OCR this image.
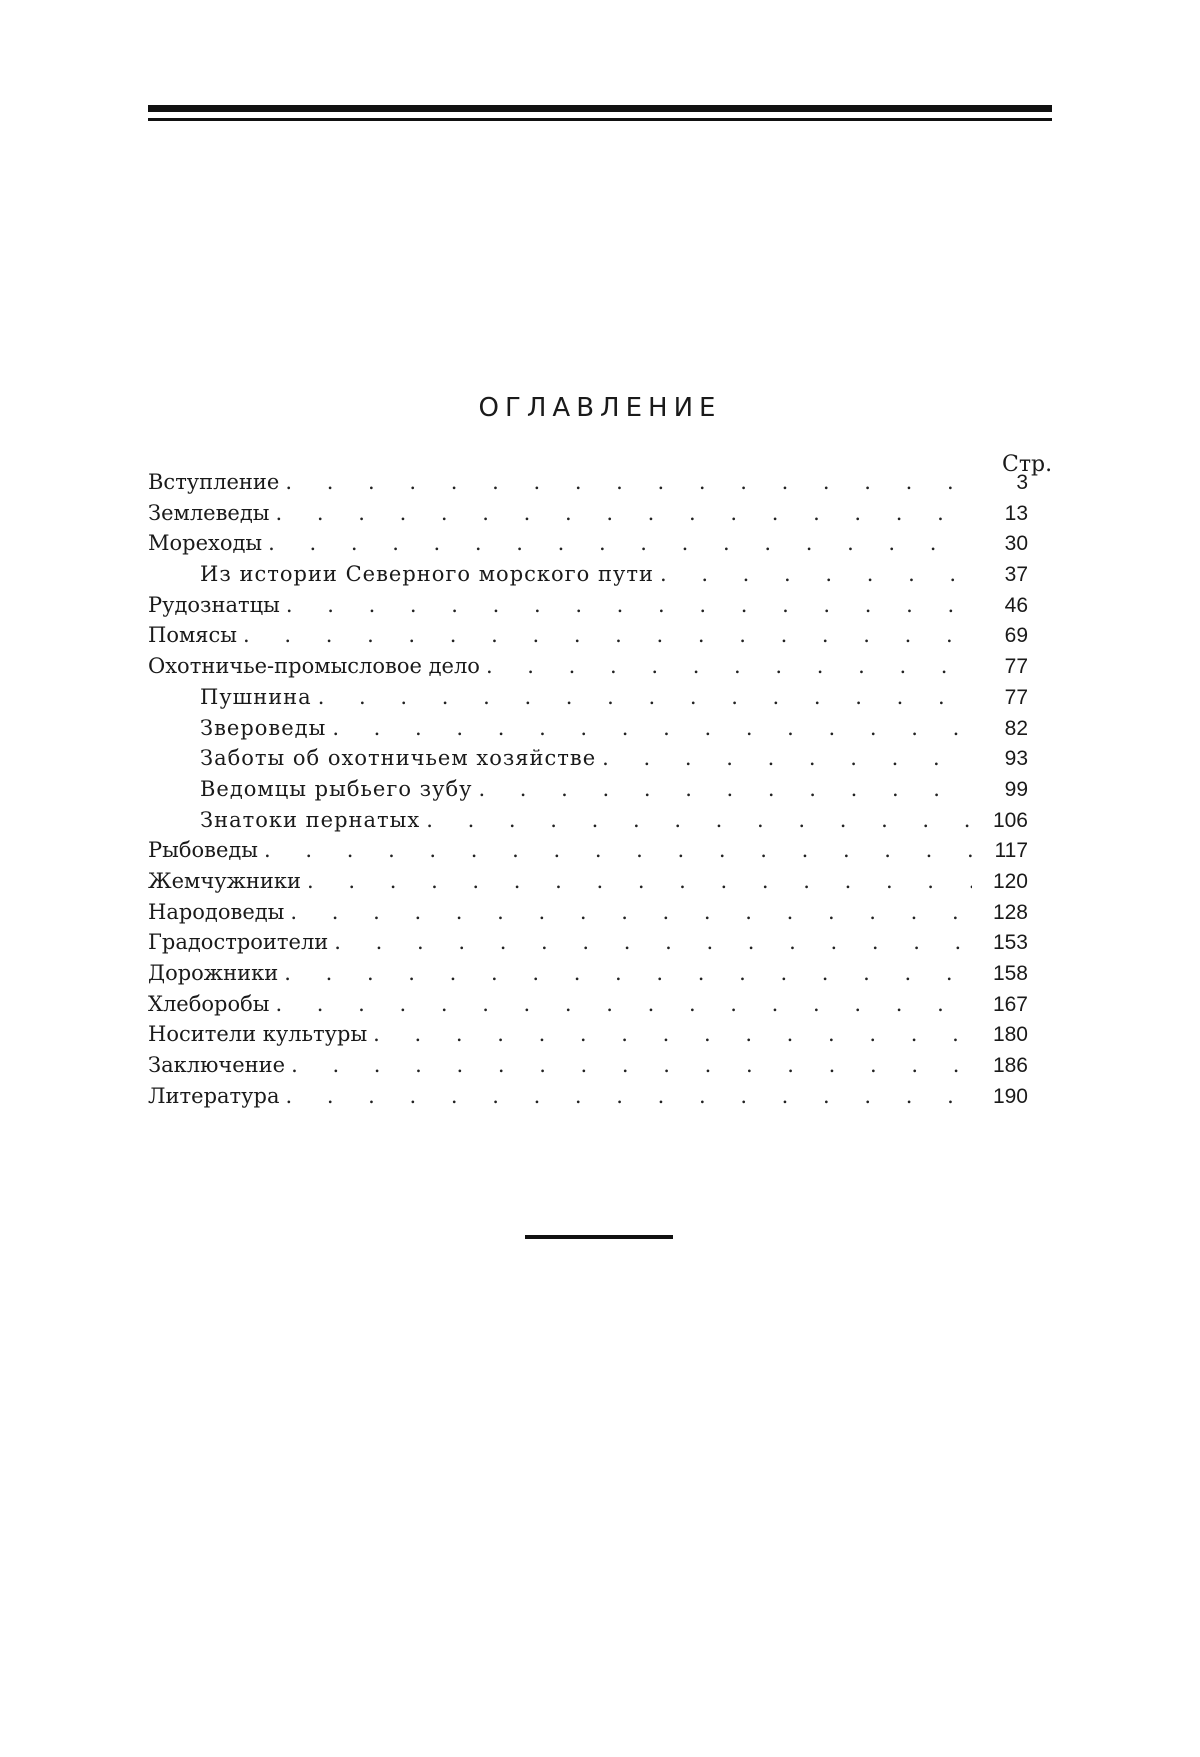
ОГЛАВЛЕНИЕ
Стр.
Вступление . . .	3
Землеведы . . .	13
Мореходы . . .	30
Из истории Северного морского пути . . .	37
Рудознатцы . . .	46
Помясы . . .	69
Охотничье-промысловое дело . . .	77
Пушнина . . .	77
Звероведы . . .	82
Заботы об охотничьем хозяйстве . . .	93
Ведомцы рыбьего зубу . . .	99
Знатоки пернатых . . .	106
Рыбоведы . . .	117
Жемчужники . . .	120
Народоведы . . .	128
Градостроители . . .	153
Дорожники . . .	158
Хлеборобы . . .	167
Носители культуры . . .	180
Заключение . . .	186
Литература . . .	190
